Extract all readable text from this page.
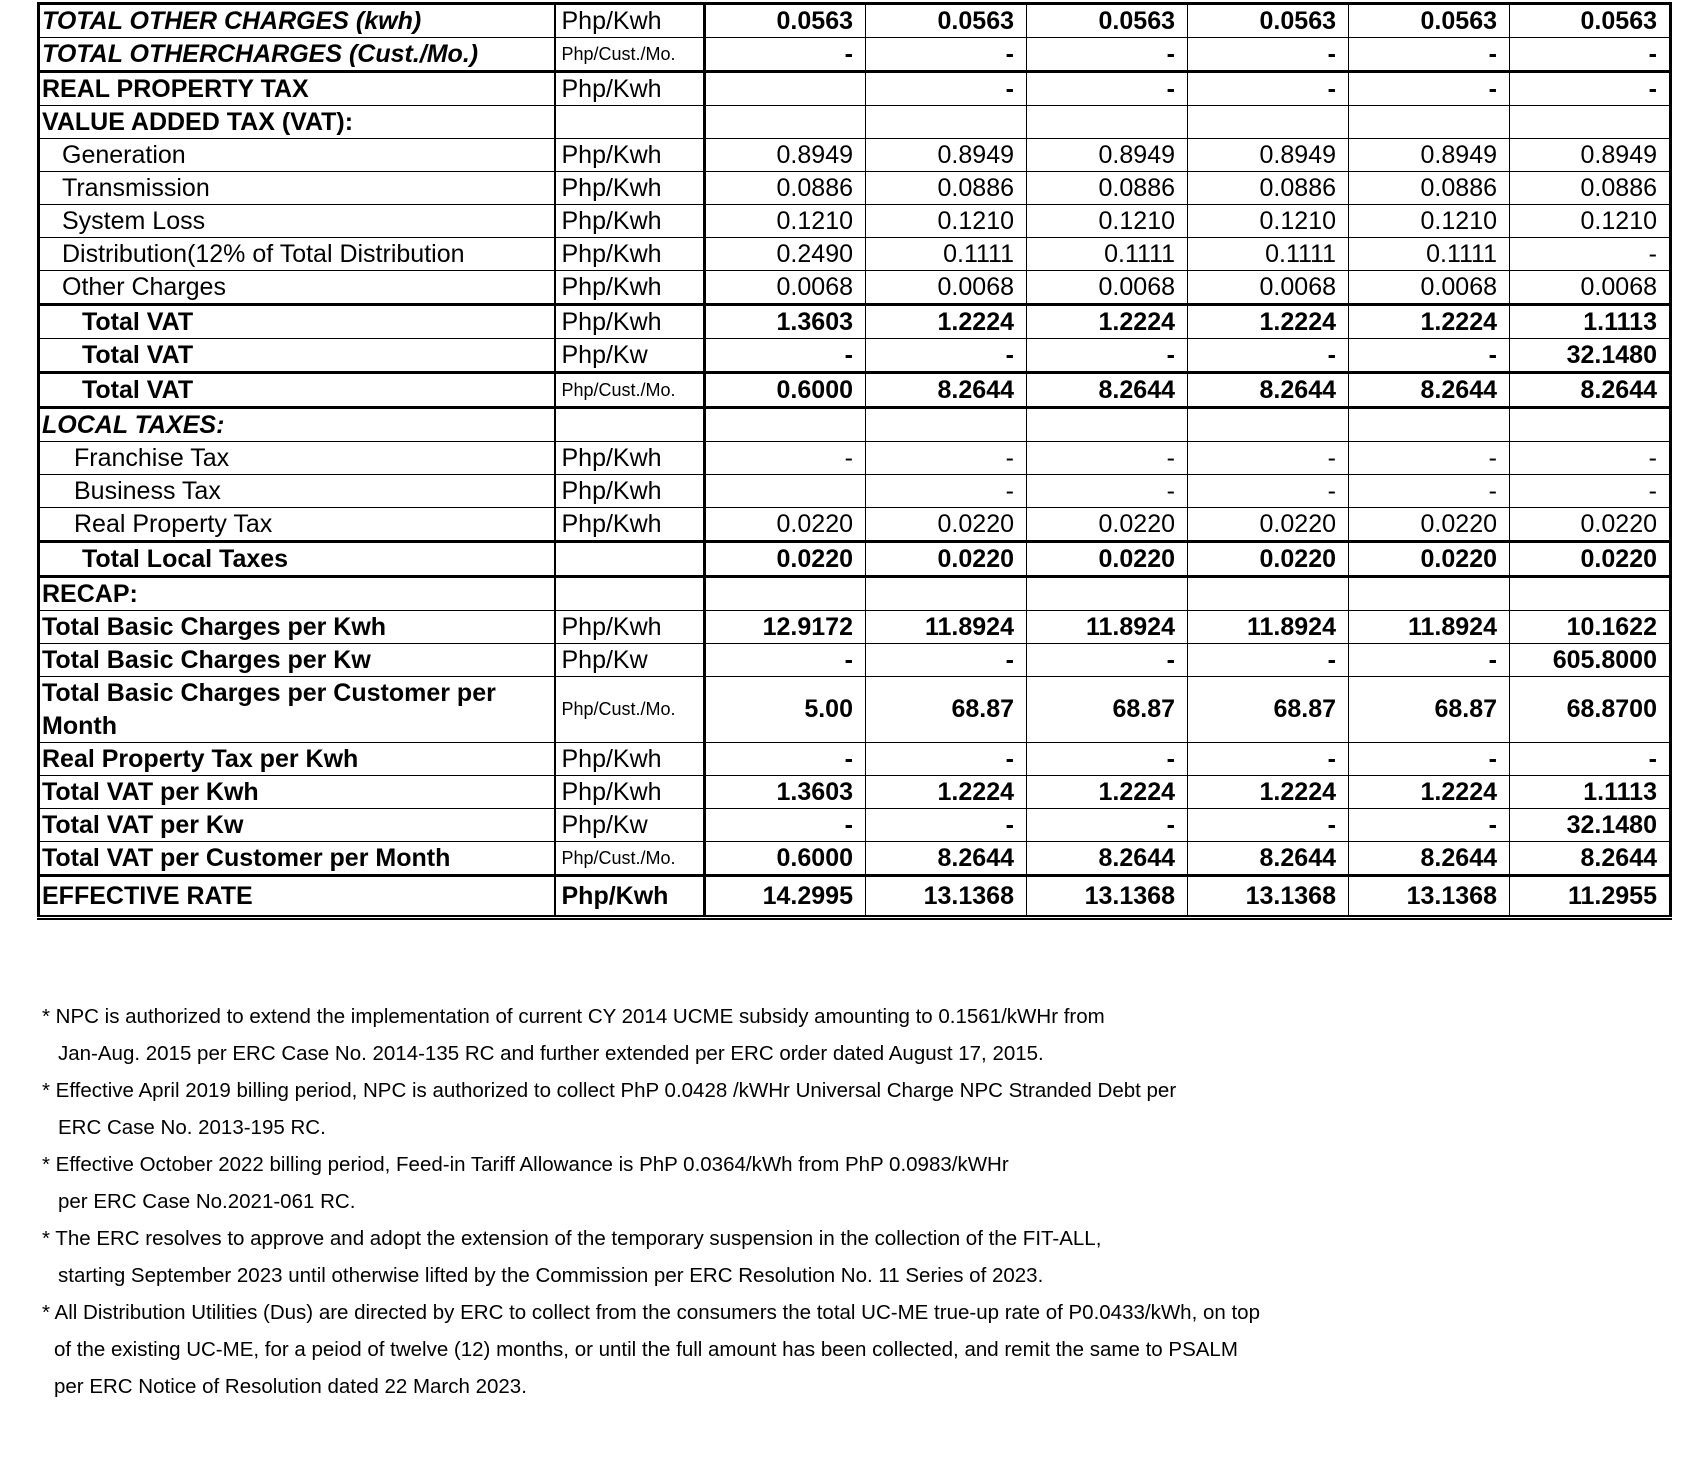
TOTAL OTHER CHARGES (kwh)	Php/Kwh	0.0563	0.0563	0.0563	0.0563	0.0563	0.0563
TOTAL OTHERCHARGES (Cust./Mo.)	Php/Cust./Mo.	-	-	-	-	-	-
REAL PROPERTY TAX	Php/Kwh		-	-	-	-	-
VALUE ADDED TAX (VAT):							
Generation	Php/Kwh	0.8949	0.8949	0.8949	0.8949	0.8949	0.8949
Transmission	Php/Kwh	0.0886	0.0886	0.0886	0.0886	0.0886	0.0886
System Loss	Php/Kwh	0.1210	0.1210	0.1210	0.1210	0.1210	0.1210
Distribution(12% of Total Distribution	Php/Kwh	0.2490	0.1111	0.1111	0.1111	0.1111	-
Other Charges	Php/Kwh	0.0068	0.0068	0.0068	0.0068	0.0068	0.0068
Total VAT	Php/Kwh	1.3603	1.2224	1.2224	1.2224	1.2224	1.1113
Total VAT	Php/Kw	-	-	-	-	-	32.1480
Total VAT	Php/Cust./Mo.	0.6000	8.2644	8.2644	8.2644	8.2644	8.2644
LOCAL TAXES:							
Franchise Tax	Php/Kwh	-	-	-	-	-	-
Business Tax	Php/Kwh		-	-	-	-	-
Real Property Tax	Php/Kwh	0.0220	0.0220	0.0220	0.0220	0.0220	0.0220
Total Local Taxes		0.0220	0.0220	0.0220	0.0220	0.0220	0.0220
RECAP:							
Total Basic Charges per Kwh	Php/Kwh	12.9172	11.8924	11.8924	11.8924	11.8924	10.1622
Total Basic Charges per Kw	Php/Kw	-	-	-	-	-	605.8000
Total Basic Charges per Customer per Month	Php/Cust./Mo.	5.00	68.87	68.87	68.87	68.87	68.8700
Real Property Tax per Kwh	Php/Kwh	-	-	-	-	-	-
Total VAT per Kwh	Php/Kwh	1.3603	1.2224	1.2224	1.2224	1.2224	1.1113
Total VAT per Kw	Php/Kw	-	-	-	-	-	32.1480
Total VAT per Customer per Month	Php/Cust./Mo.	0.6000	8.2644	8.2644	8.2644	8.2644	8.2644
EFFECTIVE RATE	Php/Kwh	14.2995	13.1368	13.1368	13.1368	13.1368	11.2955

* NPC is authorized to extend the implementation of current CY 2014 UCME subsidy amounting to 0.1561/kWHr from
Jan-Aug. 2015 per ERC Case No. 2014-135 RC and further extended per ERC order dated August 17, 2015.

* Effective April 2019 billing period, NPC is authorized to collect PhP 0.0428 /kWHr Universal Charge NPC Stranded Debt per
ERC Case No. 2013-195 RC.

* Effective October 2022 billing period, Feed-in Tariff Allowance is PhP 0.0364/kWh from PhP 0.0983/kWHr
per ERC Case No.2021-061 RC.

* The ERC resolves to approve and adopt the extension of the temporary suspension in the collection of the FIT-ALL,
starting September 2023 until otherwise lifted by the Commission per ERC Resolution No. 11 Series of 2023.

* All Distribution Utilities (Dus) are directed by ERC to collect from the consumers the total UC-ME true-up rate of P0.0433/kWh, on top
of the existing UC-ME, for a peiod of twelve (12) months, or until the full amount has been collected, and remit the same to PSALM
per ERC Notice of Resolution dated 22 March 2023.
